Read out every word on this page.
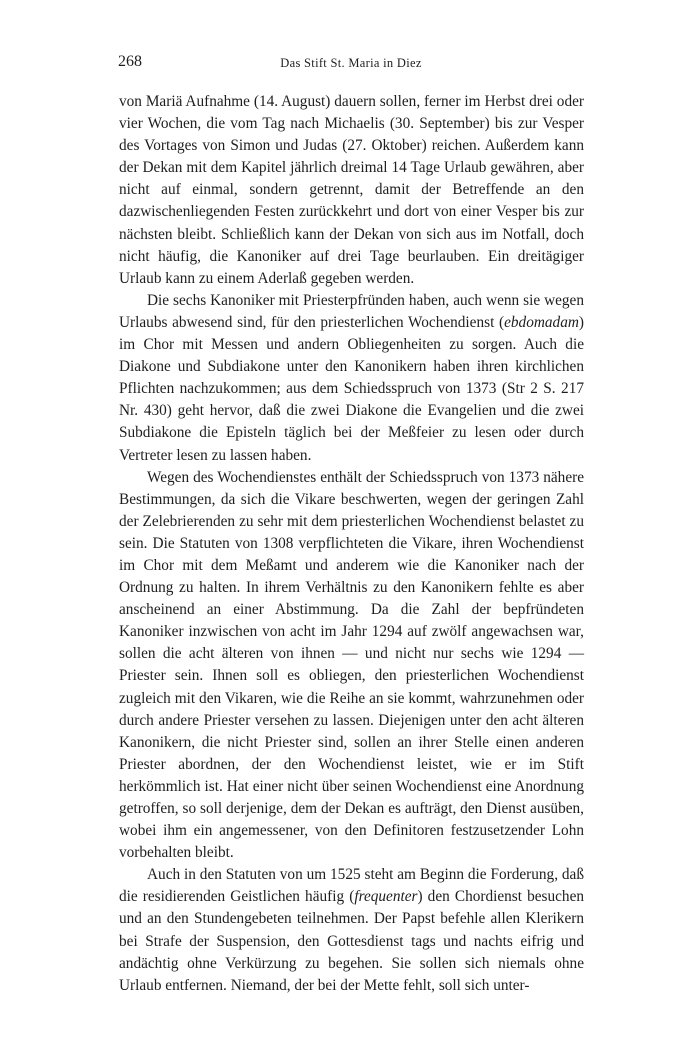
268	Das Stift St. Maria in Diez

von Mariä Aufnahme (14. August) dauern sollen, ferner im Herbst drei oder vier Wochen, die vom Tag nach Michaelis (30. September) bis zur Vesper des Vortages von Simon und Judas (27. Oktober) reichen. Außerdem kann der Dekan mit dem Kapitel jährlich dreimal 14 Tage Urlaub gewähren, aber nicht auf einmal, sondern getrennt, damit der Betreffende an den dazwischenliegenden Festen zurückkehrt und dort von einer Vesper bis zur nächsten bleibt. Schließlich kann der Dekan von sich aus im Notfall, doch nicht häufig, die Kanoniker auf drei Tage beurlauben. Ein dreitägiger Urlaub kann zu einem Aderlaß gegeben werden.

Die sechs Kanoniker mit Priesterpfründen haben, auch wenn sie wegen Urlaubs abwesend sind, für den priesterlichen Wochendienst (ebdomadam) im Chor mit Messen und andern Obliegenheiten zu sorgen. Auch die Diakone und Subdiakone unter den Kanonikern haben ihren kirchlichen Pflichten nachzukommen; aus dem Schiedsspruch von 1373 (Str 2 S. 217 Nr. 430) geht hervor, daß die zwei Diakone die Evangelien und die zwei Subdiakone die Episteln täglich bei der Meßfeier zu lesen oder durch Vertreter lesen zu lassen haben.

Wegen des Wochendienstes enthält der Schiedsspruch von 1373 nähere Bestimmungen, da sich die Vikare beschwerten, wegen der geringen Zahl der Zelebrierenden zu sehr mit dem priesterlichen Wochendienst belastet zu sein. Die Statuten von 1308 verpflichteten die Vikare, ihren Wochendienst im Chor mit dem Meßamt und anderem wie die Kanoniker nach der Ordnung zu halten. In ihrem Verhältnis zu den Kanonikern fehlte es aber anscheinend an einer Abstimmung. Da die Zahl der bepfründeten Kanoniker inzwischen von acht im Jahr 1294 auf zwölf angewachsen war, sollen die acht älteren von ihnen — und nicht nur sechs wie 1294 — Priester sein. Ihnen soll es obliegen, den priesterlichen Wochendienst zugleich mit den Vikaren, wie die Reihe an sie kommt, wahrzunehmen oder durch andere Priester versehen zu lassen. Diejenigen unter den acht älteren Kanonikern, die nicht Priester sind, sollen an ihrer Stelle einen anderen Priester abordnen, der den Wochendienst leistet, wie er im Stift herkömmlich ist. Hat einer nicht über seinen Wochendienst eine Anordnung getroffen, so soll derjenige, dem der Dekan es aufträgt, den Dienst ausüben, wobei ihm ein angemessener, von den Definitoren festzusetzender Lohn vorbehalten bleibt.

Auch in den Statuten von um 1525 steht am Beginn die Forderung, daß die residierenden Geistlichen häufig (frequenter) den Chordienst besuchen und an den Stundengebeten teilnehmen. Der Papst befehle allen Klerikern bei Strafe der Suspension, den Gottesdienst tags und nachts eifrig und andächtig ohne Verkürzung zu begehen. Sie sollen sich niemals ohne Urlaub entfernen. Niemand, der bei der Mette fehlt, soll sich unter-
